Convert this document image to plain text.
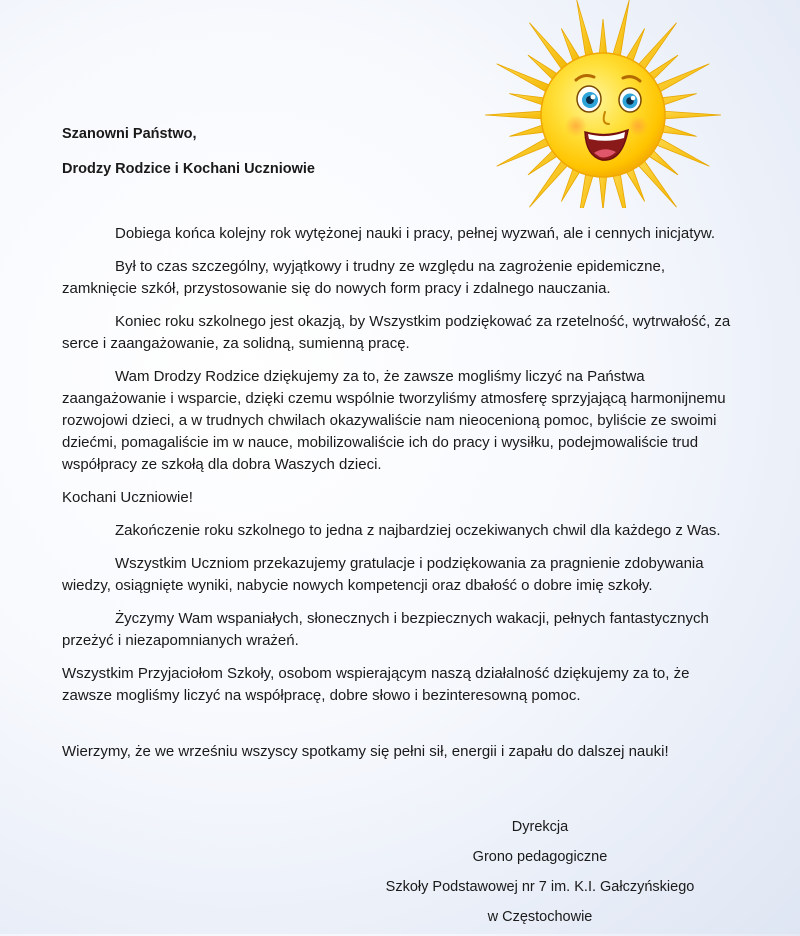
Szanowni Państwo,

Drodzy Rodzice i Kochani Uczniowie

Dobiega końca kolejny rok wytężonej nauki i pracy, pełnej wyzwań, ale i cennych inicjatyw.

Był to czas szczególny, wyjątkowy i trudny ze względu na zagrożenie epidemiczne, zamknięcie szkół, przystosowanie się do nowych form pracy i zdalnego nauczania.

Koniec roku szkolnego jest okazją, by Wszystkim podziękować za rzetelność, wytrwałość, za serce i zaangażowanie, za solidną, sumienną pracę.

Wam Drodzy Rodzice dziękujemy za to, że zawsze mogliśmy liczyć na Państwa zaangażowanie i wsparcie, dzięki czemu wspólnie tworzyliśmy atmosferę sprzyjającą harmonijnemu rozwojowi dzieci, a w trudnych chwilach okazywaliście nam nieocenioną pomoc, byliście ze swoimi dziećmi, pomagaliście im w nauce, mobilizowaliście ich do pracy i wysiłku, podejmowaliście trud współpracy ze szkołą dla dobra Waszych dzieci.

Kochani Uczniowie!

Zakończenie roku szkolnego to jedna z najbardziej oczekiwanych chwil dla każdego z Was.

Wszystkim Uczniom przekazujemy gratulacje i podziękowania za pragnienie zdobywania wiedzy, osiągnięte wyniki, nabycie nowych kompetencji oraz dbałość o dobre imię szkoły.

Życzymy Wam wspaniałych, słonecznych i bezpiecznych wakacji, pełnych fantastycznych przeżyć i niezapomnianych wrażeń.

Wszystkim Przyjaciołom Szkoły, osobom wspierającym naszą działalność dziękujemy za to, że zawsze mogliśmy liczyć na współpracę, dobre słowo i bezinteresowną pomoc.

Wierzymy, że we wrześniu wszyscy spotkamy się pełni sił, energii i zapału do dalszej nauki!

Dyrekcja
Grono pedagogiczne
Szkoły Podstawowej nr 7 im. K.I. Gałczyńskiego
w Częstochowie
